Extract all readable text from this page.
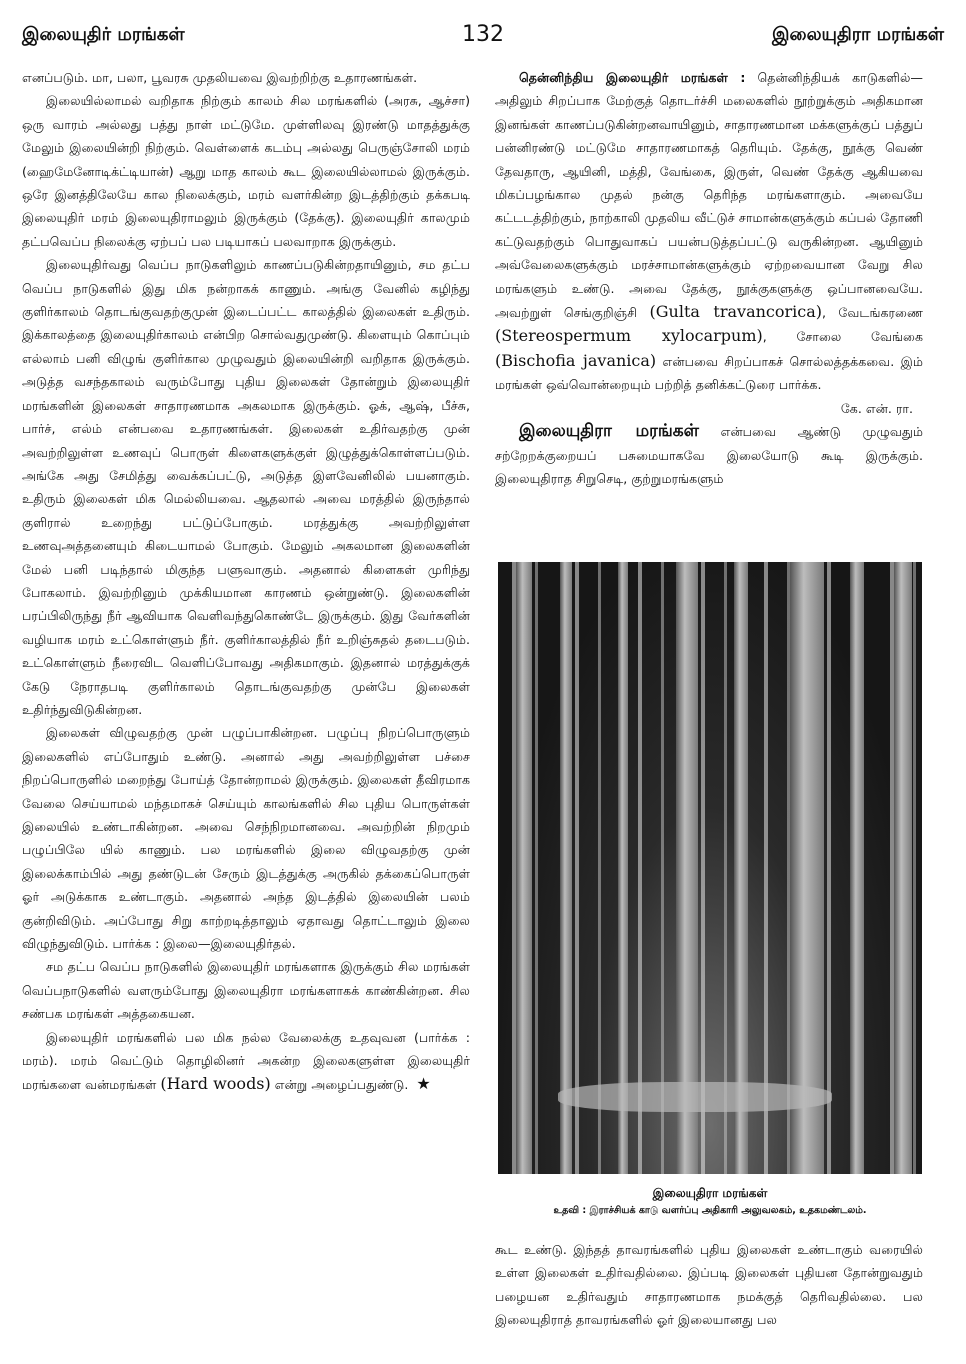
இலையுதிர் மரங்கள்	132	இலையுதிரா மரங்கள்

எனப்படும். மா, பலா, பூவரசு முதலியவை இவற்றிற்கு உதாரணங்கள்.

இலையில்லாமல் வறிதாக நிற்கும் காலம் சில மரங்களில் (அரசு, ஆச்சா) ஒரு வாரம் அல்லது பத்து நாள் மட்டுமே. முள்ளிலவு இரண்டு மாதத்துக்கு மேலும் இலையின்றி நிற்கும். வெள்ளைக் கடம்பு அல்லது பெருஞ்சோலி மரம் (ஹைமேனோடிக்ட்டியான்) ஆறு மாத காலம் கூட இலையில்லாமல் இருக்கும். ஒரே இனத்திலேயே கால நிலைக்கும், மரம் வளர்கின்ற இடத்திற்கும் தக்கபடி இலையுதிர் மரம் இலையுதிராமலும் இருக்கும் (தேக்கு). இலையுதிர் காலமும் தட்பவெப்ப நிலைக்கு ஏற்பப் பல படியாகப் பலவாறாக இருக்கும்.

இலையுதிர்வது வெப்ப நாடுகளிலும் காணப்படுகின்றதாயினும், சம தட்ப வெப்ப நாடுகளில் இது மிக நன்றாகக் காணும். அங்கு வேனில் கழிந்து குளிர்காலம் தொடங்குவதற்குமுன் இடைப்பட்ட காலத்தில் இலைகள் உதிரும். இக்காலத்தை இலையுதிர்காலம் என்பிற சொல்வதுமுண்டு. கிளையும் கொப்பும் எல்லாம் பனி விழுங் குளிர்கால முழுவதும் இலையின்றி வறிதாக இருக்கும். அடுத்த வசந்தகாலம் வரும்போது புதிய இலைகள் தோன்றும் இலையுதிர் மரங்களின் இலைகள் சாதாரணமாக அகலமாக இருக்கும். ஓக், ஆஷ், பீச்சு, பார்ச், எல்ம் என்பவை உதாரணங்கள். இலைகள் உதிர்வதற்கு முன் அவற்றிலுள்ள உணவுப் பொருள் கிளைகளுக்குள் இழுத்துக்கொள்ளப்படும். அங்கே அது சேமித்து வைக்கப்பட்டு, அடுத்த இளவேனிலில் பயனாகும். உதிரும் இலைகள் மிக மெல்லியவை. ஆதலால் அவை மரத்தில் இருந்தால் குளிரால் உறைந்து பட்டுப்போகும். மரத்துக்கு அவற்றிலுள்ள உணவுஅத்தனையும் கிடையாமல் போகும். மேலும் அகலமான இலைகளின் மேல் பனி படிந்தால் மிகுந்த பளுவாகும். அதனால் கிளைகள் முரிந்து போகலாம். இவற்றினும் முக்கியமான காரணம் ஒன்றுண்டு. இலைகளின் பரப்பிலிருந்து நீர் ஆவியாக வெளிவந்துகொண்டே இருக்கும். இது வேர்களின் வழியாக மரம் உட்கொள்ளும் நீர். குளிர்காலத்தில் நீர் உறிஞ்சுதல் தடைபடும். உட்கொள்ளும் நீரைவிட வெளிப்போவது அதிகமாகும். இதனால் மரத்துக்குக் கேடு நேராதபடி குளிர்காலம் தொடங்குவதற்கு முன்பே இலைகள் உதிர்ந்துவிடுகின்றன.

இலைகள் விழுவதற்கு முன் பழுப்பாகின்றன. பழுப்பு நிறப்பொருளும் இலைகளில் எப்போதும் உண்டு. அனால் அது அவற்றிலுள்ள பச்சை நிறப்பொருளில் மறைந்து போய்த் தோன்றாமல் இருக்கும். இலைகள் தீவிரமாக வேலை செய்யாமல் மந்தமாகச் செய்யும் காலங்களில் சில புதிய பொருள்கள் இலையில் உண்டாகின்றன. அவை செந்நிறமானவை. அவற்றின் நிறமும் பழுப்பிலே யில் காணும். பல மரங்களில் இலை விழுவதற்கு முன் இலைக்காம்பில் அது தண்டுடன் சேரும் இடத்துக்கு அருகில் தக்கைப்பொருள் ஓர் அடுக்காக உண்டாகும். அதனால் அந்த இடத்தில் இலையின் பலம் குன்றிவிடும். அப்போது சிறு காற்றடித்தாலும் ஏதாவது தொட்டாலும் இலை விழுந்துவிடும். பார்க்க : இலை—இலையுதிர்தல்.

சம தட்ப வெப்ப நாடுகளில் இலையுதிர் மரங்களாக இருக்கும் சில மரங்கள் வெப்பநாடுகளில் வளரும்போது இலையுதிரா மரங்களாகக் காண்கின்றன. சில சண்பக மரங்கள் அத்தகையன.

இலையுதிர் மரங்களில் பல மிக நல்ல வேலைக்கு உதவுவன (பார்க்க : மரம்). மரம் வெட்டும் தொழிலினர் அகன்ற இலைகளுள்ள இலையுதிர் மரங்களை வன்மரங்கள் (Hard woods) என்று அழைப்பதுண்டு. ★

தென்னிந்திய இலையுதிர் மரங்கள் : தென்னிந்தியக் காடுகளில்—அதிலும் சிறப்பாக மேற்குத் தொடர்ச்சி மலைகளில் நூற்றுக்கும் அதிகமான இனங்கள் காணப்படுகின்றனவாயினும், சாதாரணமான மக்களுக்குப் பத்துப் பன்னிரண்டு மட்டுமே சாதாரணமாகத் தெரியும். தேக்கு, நூக்கு வெண் தேவதாரு, ஆயினி, மத்தி, வேங்கை, இருள், வெண் தேக்கு ஆகியவை மிகப்பழங்கால முதல் நன்கு தெரிந்த மரங்களாகும். அவையே கட்டடத்திற்கும், நாற்காலி முதலிய வீட்டுச் சாமான்களுக்கும் கப்பல் தோணி கட்டுவதற்கும் பொதுவாகப் பயன்படுத்தப்பட்டு வருகின்றன. ஆயினும் அவ்வேலைகளுக்கும் மரச்சாமான்களுக்கும் ஏற்றவையான வேறு சில மரங்களும் உண்டு. அவை தேக்கு, நூக்குகளுக்கு ஒப்பானவையே. அவற்றுள் செங்குறிஞ்சி (Gulta travancorica), வேடங்கரணை (Stereospermum xylocarpum), சோலை வேங்கை (Bischofia javanica) என்பவை சிறப்பாகச் சொல்லத்தக்கவை. இம் மரங்கள் ஒவ்வொன்றையும் பற்றித் தனிக்கட்டுரை பார்க்க.
கே. என். ரா.

இலையுதிரா மரங்கள் என்பவை ஆண்டு முழுவதும் சற்றேறக்குறையப் பசுமையாகவே இலையோடு கூடி இருக்கும். இலையுதிராத சிறுசெடி, குற்றுமரங்களும்

இலையுதிரா மரங்கள்
உதவி : இராச்சியக் காடு வளர்ப்பு அதிகாரி அலுவலகம், உதகமண்டலம்.

கூட உண்டு. இந்தத் தாவரங்களில் புதிய இலைகள் உண்டாகும் வரையில் உள்ள இலைகள் உதிர்வதில்லை. இப்படி இலைகள் புதியன தோன்றுவதும் பழையன உதிர்வதும் சாதாரணமாக நமக்குத் தெரிவதில்லை. பல இலையுதிராத் தாவரங்களில் ஓர் இலையானது பல
